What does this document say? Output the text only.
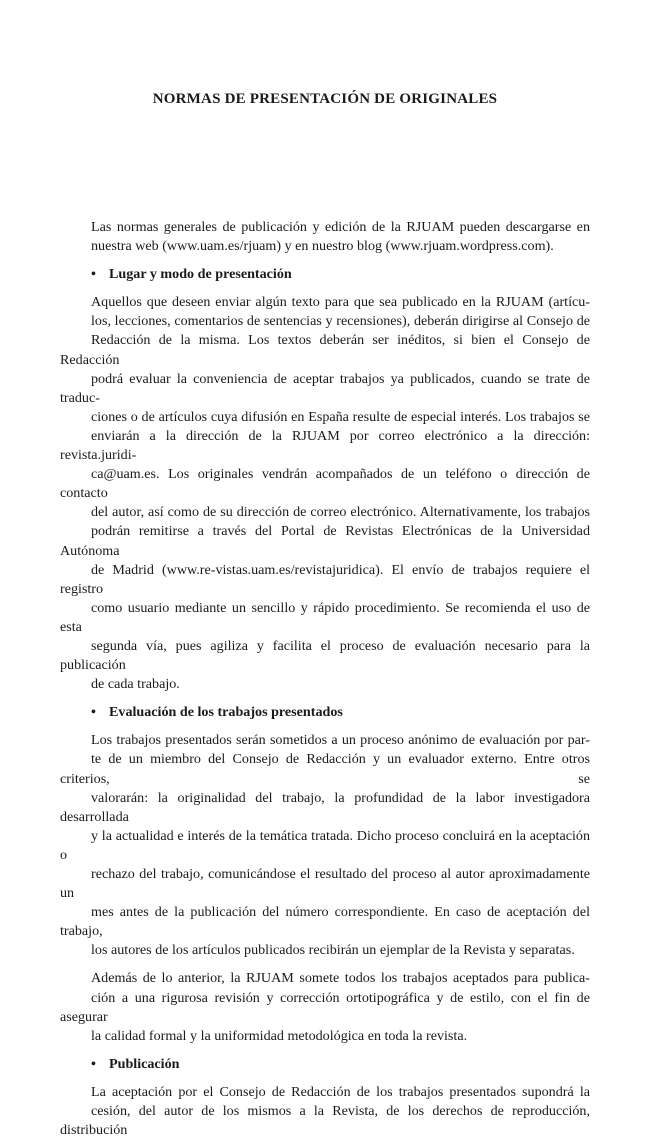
NORMAS DE PRESENTACIÓN DE ORIGINALES

Las normas generales de publicación y edición de la RJUAM pueden descargarse en
nuestra web (www.uam.es/rjuam) y en nuestro blog (www.rjuam.wordpress.com).

• Lugar y modo de presentación

Aquellos que deseen enviar algún texto para que sea publicado en la RJUAM (artícu-
los, lecciones, comentarios de sentencias y recensiones), deberán dirigirse al Consejo de
Redacción de la misma. Los textos deberán ser inéditos, si bien el Consejo de Redacción
podrá evaluar la conveniencia de aceptar trabajos ya publicados, cuando se trate de traduc-
ciones o de artículos cuya difusión en España resulte de especial interés. Los trabajos se
enviarán a la dirección de la RJUAM por correo electrónico a la dirección: revista.juridi-
ca@uam.es. Los originales vendrán acompañados de un teléfono o dirección de contacto
del autor, así como de su dirección de correo electrónico. Alternativamente, los trabajos
podrán remitirse a través del Portal de Revistas Electrónicas de la Universidad Autónoma
de Madrid (www.re-vistas.uam.es/revistajuridica). El envío de trabajos requiere el registro
como usuario mediante un sencillo y rápido procedimiento. Se recomienda el uso de esta
segunda vía, pues agiliza y facilita el proceso de evaluación necesario para la publicación
de cada trabajo.

• Evaluación de los trabajos presentados

Los trabajos presentados serán sometidos a un proceso anónimo de evaluación por par-
te de un miembro del Consejo de Redacción y un evaluador externo. Entre otros criterios, se
valorarán: la originalidad del trabajo, la profundidad de la labor investigadora desarrollada
y la actualidad e interés de la temática tratada. Dicho proceso concluirá en la aceptación o
rechazo del trabajo, comunicándose el resultado del proceso al autor aproximadamente un
mes antes de la publicación del número correspondiente. En caso de aceptación del trabajo,
los autores de los artículos publicados recibirán un ejemplar de la Revista y separatas.

Además de lo anterior, la RJUAM somete todos los trabajos aceptados para publica-
ción a una rigurosa revisión y corrección ortotipográfica y de estilo, con el fin de asegurar
la calidad formal y la uniformidad metodológica en toda la revista.

• Publicación

La aceptación por el Consejo de Redacción de los trabajos presentados supondrá la
cesión, del autor de los mismos a la Revista, de los derechos de reproducción, distribución
